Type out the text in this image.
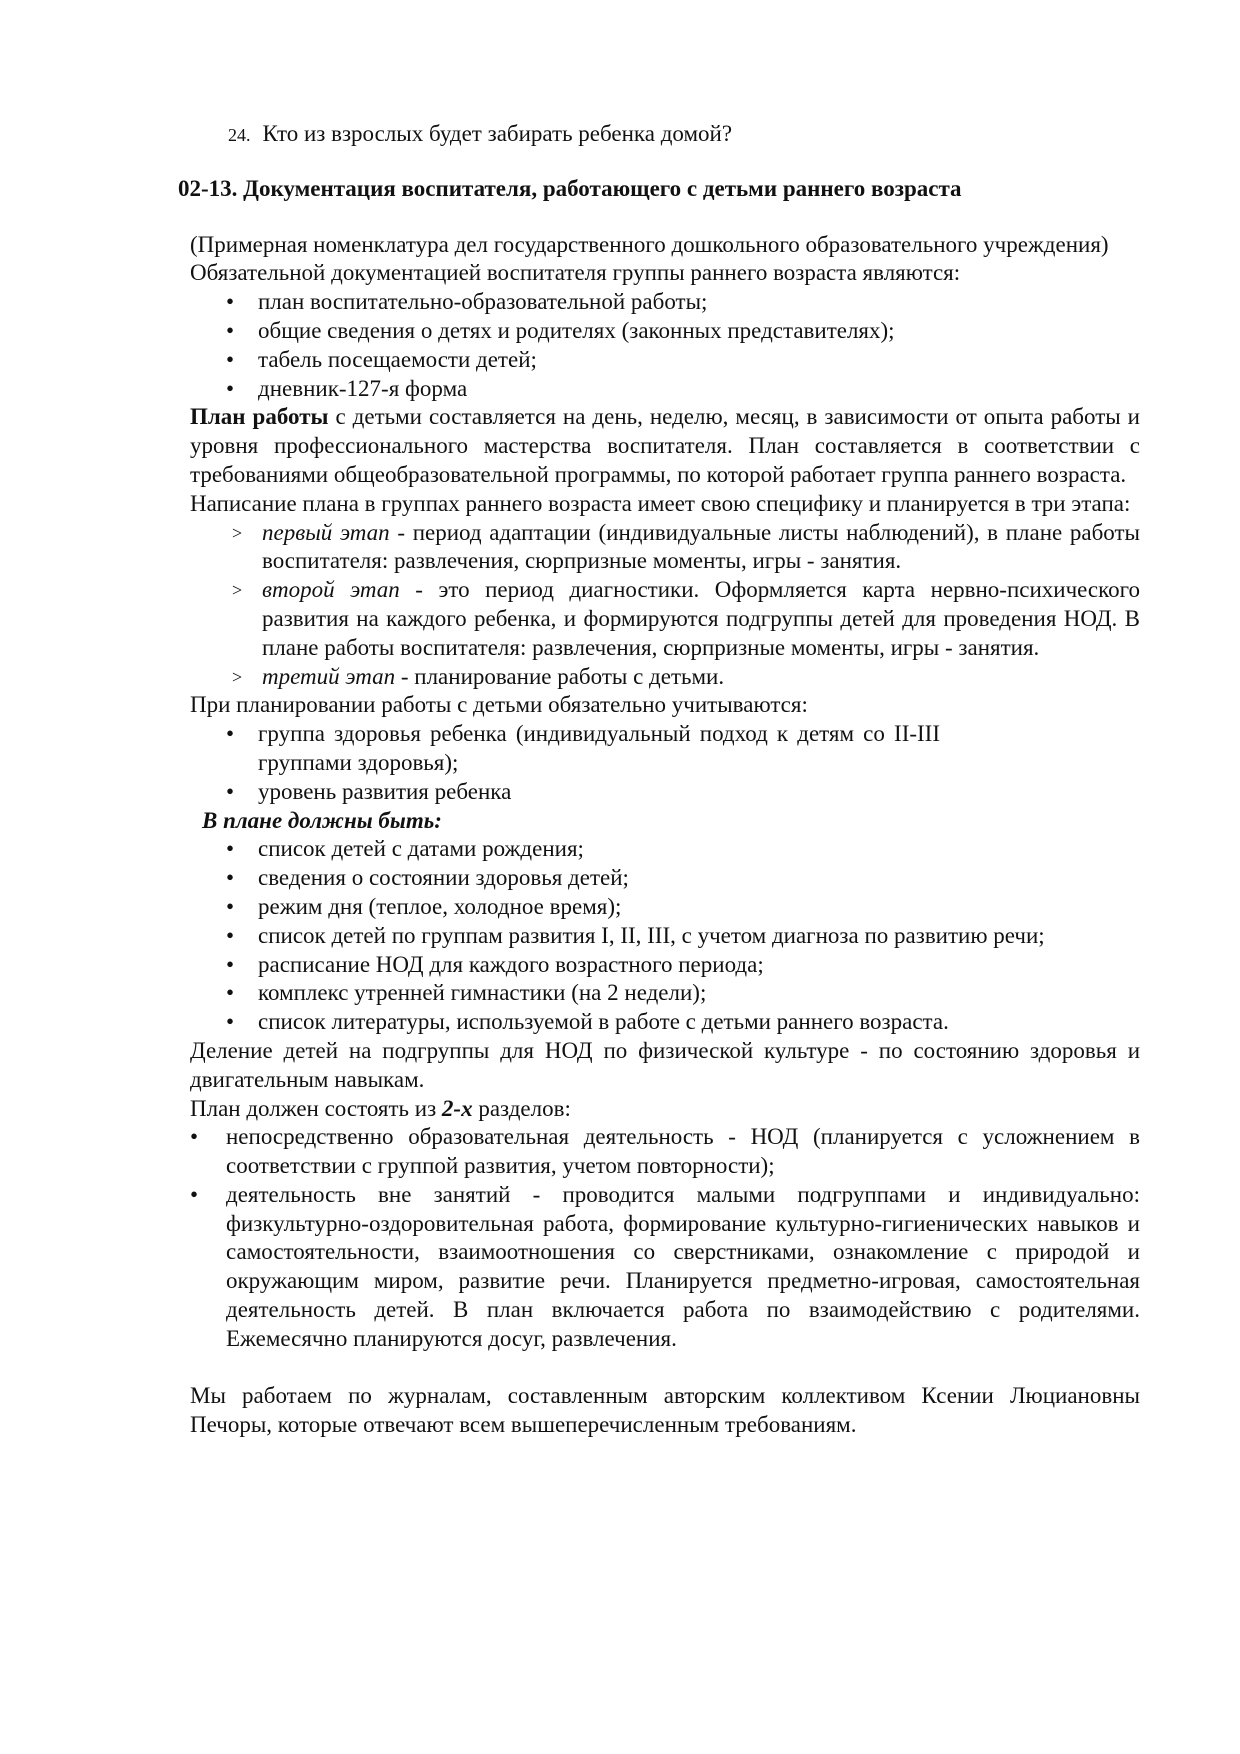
24. Кто из взрослых будет забирать ребенка домой?

02-13. Документация воспитателя, работающего с детьми раннего возраста

(Примерная номенклатура дел государственного дошкольного образовательного учреждения)

Обязательной документацией воспитателя группы раннего возраста являются:

• план воспитательно-образовательной работы;
• общие сведения о детях и родителях (законных представителях);
• табель посещаемости детей;
• дневник-127-я форма

План работы с детьми составляется на день, неделю, месяц, в зависимости от опыта работы и уровня профессионального мастерства воспитателя. План составляется в соответствии с требованиями общеобразовательной программы, по которой работает группа раннего возраста.

Написание плана в группах раннего возраста имеет свою специфику и планируется в три этапа:

> первый этап - период адаптации (индивидуальные листы наблюдений), в плане работы воспитателя: развлечения, сюрпризные моменты, игры - занятия.
> второй этап - это период диагностики. Оформляется карта нервно-психического развития на каждого ребенка, и формируются подгруппы детей для проведения НОД. В плане работы воспитателя: развлечения, сюрпризные моменты, игры - занятия.
> третий этап - планирование работы с детьми.

При планировании работы с детьми обязательно учитываются:

• группа здоровья ребенка (индивидуальный подход к детям со II-III группами здоровья);
• уровень развития ребенка

В плане должны быть:

• список детей с датами рождения;
• сведения о состоянии здоровья детей;
• режим дня (теплое, холодное время);
• список детей по группам развития I, II, III, с учетом диагноза по развитию речи;
• расписание НОД для каждого возрастного периода;
• комплекс утренней гимнастики (на 2 недели);
• список литературы, используемой в работе с детьми раннего возраста.

Деление детей на подгруппы для НОД по физической культуре - по состоянию здоровья и двигательным навыкам.

План должен состоять из 2-х разделов:

• непосредственно образовательная деятельность - НОД (планируется с усложнением в соответствии с группой развития, учетом повторности);
• деятельность вне занятий - проводится малыми подгруппами и индивидуально: физкультурно-оздоровительная работа, формирование культурно-гигиенических навыков и самостоятельности, взаимоотношения со сверстниками, ознакомление с природой и окружающим миром, развитие речи. Планируется предметно-игровая, самостоятельная деятельность детей. В план включается работа по взаимодействию с родителями. Ежемесячно планируются досуг, развлечения.

Мы работаем по журналам, составленным авторским коллективом Ксении Люциановны Печоры, которые отвечают всем вышеперечисленным требованиям.
